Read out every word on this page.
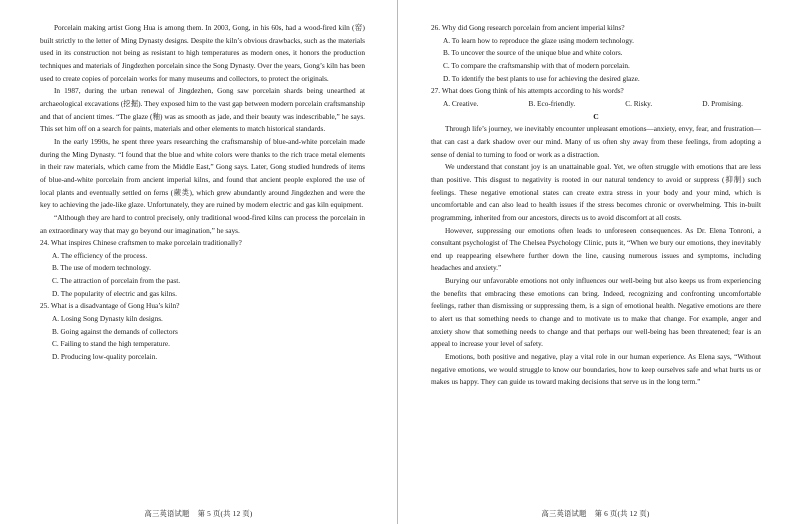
Porcelain making artist Gong Hua is among them. In 2003, Gong, in his 60s, had a wood-fired kiln (窑) built strictly to the letter of Ming Dynasty designs. Despite the kiln’s obvious drawbacks, such as the materials used in its construction not being as resistant to high temperatures as modern ones, it honors the production techniques and materials of Jingdezhen porcelain since the Song Dynasty. Over the years, Gong’s kiln has been used to create copies of porcelain works for many museums and collectors, to protect the originals.

In 1987, during the urban renewal of Jingdezhen, Gong saw porcelain shards being unearthed at archaeological excavations (挖掘). They exposed him to the vast gap between modern porcelain craftsmanship and that of ancient times. “The glaze (釉) was as smooth as jade, and their beauty was indescribable,” he says. This set him off on a search for paints, materials and other elements to match historical standards.

In the early 1990s, he spent three years researching the craftsmanship of blue-and-white porcelain made during the Ming Dynasty. “I found that the blue and white colors were thanks to the rich trace metal elements in their raw materials, which came from the Middle East,” Gong says. Later, Gong studied hundreds of items of blue-and-white porcelain from ancient imperial kilns, and found that ancient people explored the use of local plants and eventually settled on ferns (蕨类), which grew abundantly around Jingdezhen and were the key to achieving the jade-like glaze. Unfortunately, they are ruined by modern electric and gas kiln equipment.

“Although they are hard to control precisely, only traditional wood-fired kilns can process the porcelain in an extraordinary way that may go beyond our imagination,” he says.

24. What inspires Chinese craftsmen to make porcelain traditionally?

A. The efficiency of the process.

B. The use of modern technology.

C. The attraction of porcelain from the past.

D. The popularity of electric and gas kilns.

25. What is a disadvantage of Gong Hua’s kiln?

A. Losing Song Dynasty kiln designs.

B. Going against the demands of collectors

C. Failing to stand the high temperature.

D. Producing low-quality porcelain.

高三英语试题 第 5 页(共 12 页)

26. Why did Gong research porcelain from ancient imperial kilns?

A. To learn how to reproduce the glaze using modern technology.

B. To uncover the source of the unique blue and white colors.

C. To compare the craftsmanship with that of modern porcelain.

D. To identify the best plants to use for achieving the desired glaze.

27. What does Gong think of his attempts according to his words?

A. Creative.	B. Eco-friendly.	C. Risky.	D. Promising.

C

Through life’s journey, we inevitably encounter unpleasant emotions—anxiety, envy, fear, and frustration—that can cast a dark shadow over our mind. Many of us often shy away from these feelings, from adopting a sense of denial to turning to food or work as a distraction.

We understand that constant joy is an unattainable goal. Yet, we often struggle with emotions that are less than positive. This disgust to negativity is rooted in our natural tendency to avoid or suppress (抑制) such feelings. These negative emotional states can create extra stress in your body and your mind, which is uncomfortable and can also lead to health issues if the stress becomes chronic or overwhelming. This in-built programming, inherited from our ancestors, directs us to avoid discomfort at all costs.

However, suppressing our emotions often leads to unforeseen consequences. As Dr. Elena Tonroni, a consultant psychologist of The Chelsea Psychology Clinic, puts it, “When we bury our emotions, they inevitably end up reappearing elsewhere further down the line, causing numerous issues and symptoms, including headaches and anxiety.”

Burying our unfavorable emotions not only influences our well-being but also keeps us from experiencing the benefits that embracing these emotions can bring. Indeed, recognizing and confronting uncomfortable feelings, rather than dismissing or suppressing them, is a sign of emotional health. Negative emotions are there to alert us that something needs to change and to motivate us to make that change. For example, anger and anxiety show that something needs to change and that perhaps our well-being has been threatened; fear is an appeal to increase your level of safety.

Emotions, both positive and negative, play a vital role in our human experience. As Elena says, “Without negative emotions, we would struggle to know our boundaries, how to keep ourselves safe and what hurts us or makes us happy. They can guide us toward making decisions that serve us in the long term.”

高三英语试题 第 6 页(共 12 页)
